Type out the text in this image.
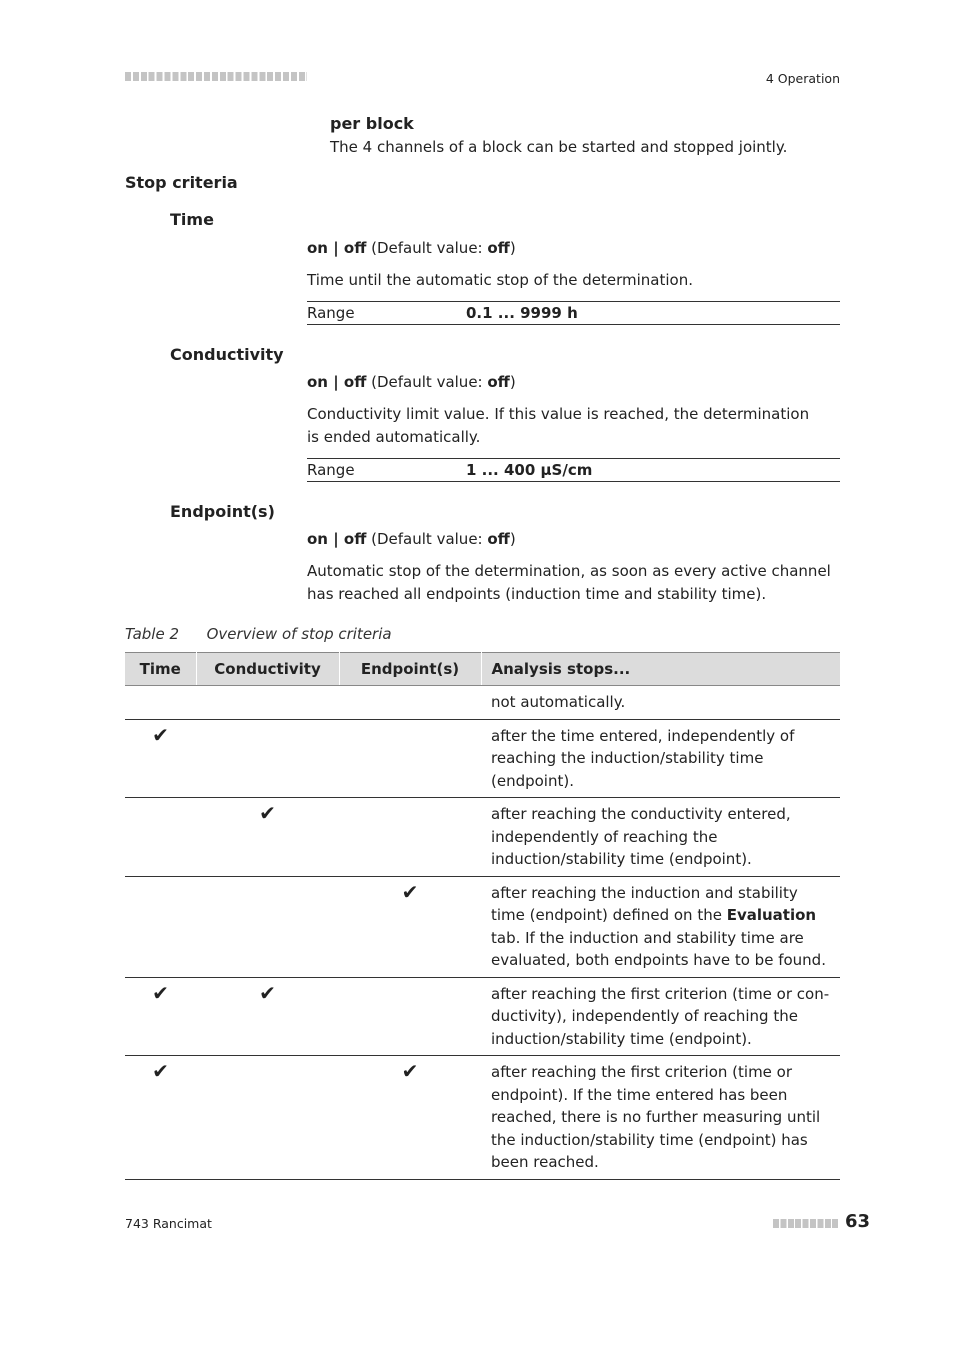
4 Operation
per block
The 4 channels of a block can be started and stopped jointly.
Stop criteria
Time
on | off (Default value: off)
Time until the automatic stop of the determination.
Range	0.1 ... 9999 h
Conductivity
on | off (Default value: off)
Conductivity limit value. If this value is reached, the determination is ended automatically.
Range	1 ... 400 µS/cm
Endpoint(s)
on | off (Default value: off)
Automatic stop of the determination, as soon as every active channel has reached all endpoints (induction time and stability time).
Table 2 Overview of stop criteria
Time	Conductivity	Endpoint(s)	Analysis stops...
			not automatically.
✔			after the time entered, independently of reaching the induction/stability time (endpoint).
	✔		after reaching the conductivity entered, independently of reaching the induction/stability time (endpoint).
		✔	after reaching the induction and stability time (endpoint) defined on the Evaluation tab. If the induction and stability time are evaluated, both endpoints have to be found.
✔	✔		after reaching the first criterion (time or conductivity), independently of reaching the induction/stability time (endpoint).
✔		✔	after reaching the first criterion (time or endpoint). If the time entered has been reached, there is no further measuring until the induction/stability time (endpoint) has been reached.
743 Rancimat	63
